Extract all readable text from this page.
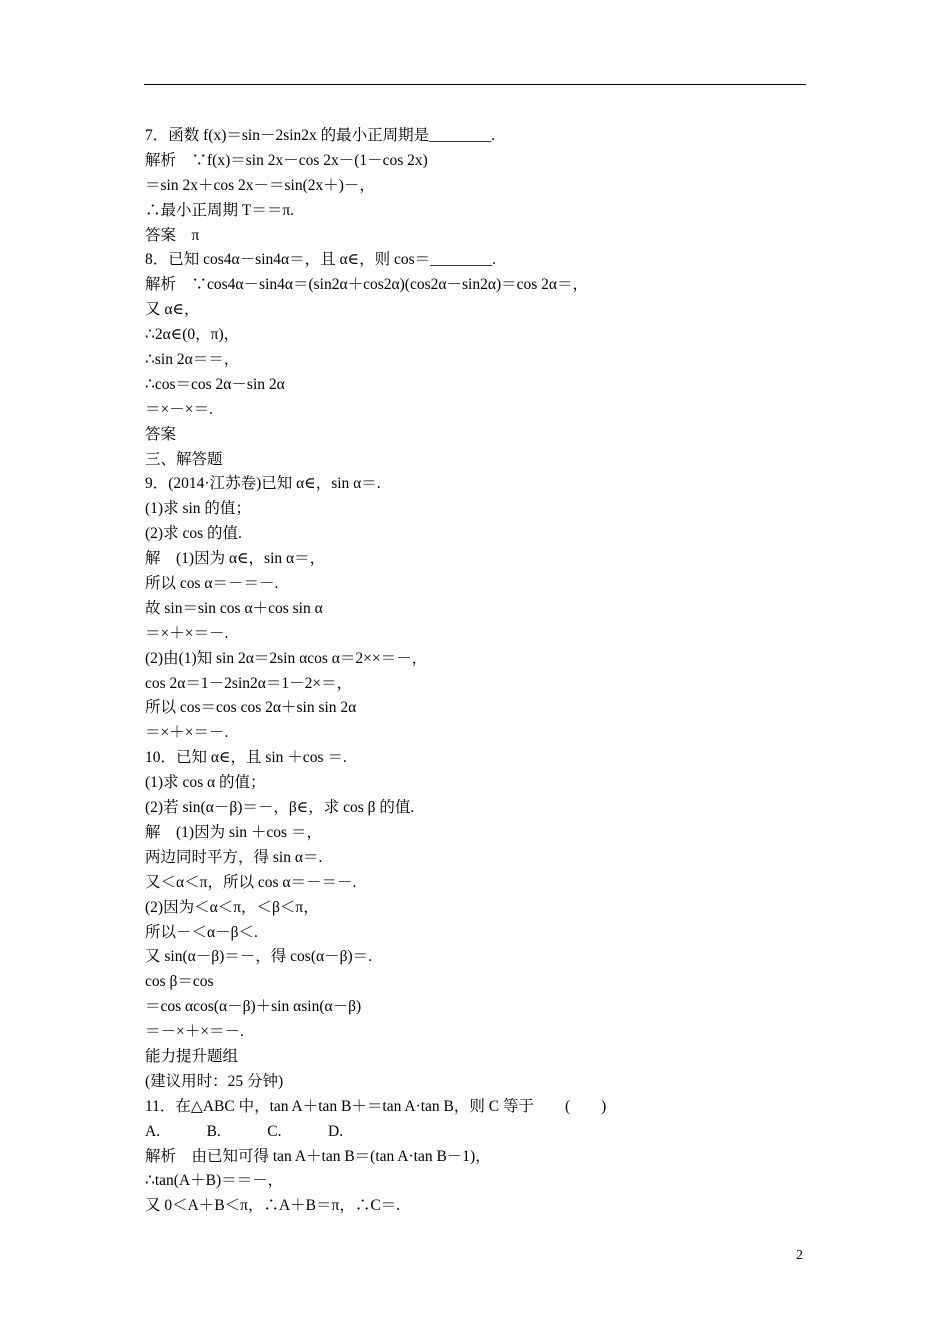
7．函数 f(x)＝sin－2sin2x 的最小正周期是________.
解析　∵f(x)＝sin 2x－cos 2x－(1－cos 2x)
＝sin 2x＋cos 2x－＝sin(2x＋)－，
∴最小正周期 T＝＝π.
答案　π
8．已知 cos4α－sin4α＝，且 α∈，则 cos＝________.
解析　∵cos4α－sin4α＝(sin2α＋cos2α)(cos2α－sin2α)＝cos 2α＝，
又 α∈，
∴2α∈(0，π)，
∴sin 2α＝＝，
∴cos＝cos 2α－sin 2α
＝×－×＝.
答案
三、解答题
9．(2014·江苏卷)已知 α∈，sin α＝.
(1)求 sin 的值；
(2)求 cos 的值.
解　(1)因为 α∈，sin α＝，
所以 cos α＝－＝－.
故 sin＝sin cos α＋cos sin α
＝×＋×＝－.
(2)由(1)知 sin 2α＝2sin αcos α＝2××＝－，
cos 2α＝1－2sin2α＝1－2×＝，
所以 cos＝cos cos 2α＋sin sin 2α
＝×＋×＝－.
10．已知 α∈，且 sin ＋cos ＝.
(1)求 cos α 的值；
(2)若 sin(α－β)＝－，β∈，求 cos β 的值.
解　(1)因为 sin ＋cos ＝，
两边同时平方，得 sin α＝.
又＜α＜π，所以 cos α＝－＝－.
(2)因为＜α＜π，＜β＜π，
所以－＜α－β＜.
又 sin(α－β)＝－，得 cos(α－β)＝.
cos β＝cos
＝cos αcos(α－β)＋sin αsin(α－β)
＝－×＋×＝－.
能力提升题组
(建议用时：25 分钟)
11．在△ABC 中，tan A＋tan B＋＝tan A·tan B，则 C 等于　　(　　)
A.　　　B.　　　C.　　　D.
解析　由已知可得 tan A＋tan B＝(tan A·tan B－1)，
∴tan(A＋B)＝＝－，
又 0＜A＋B＜π，∴A＋B＝π，∴C＝.
2
